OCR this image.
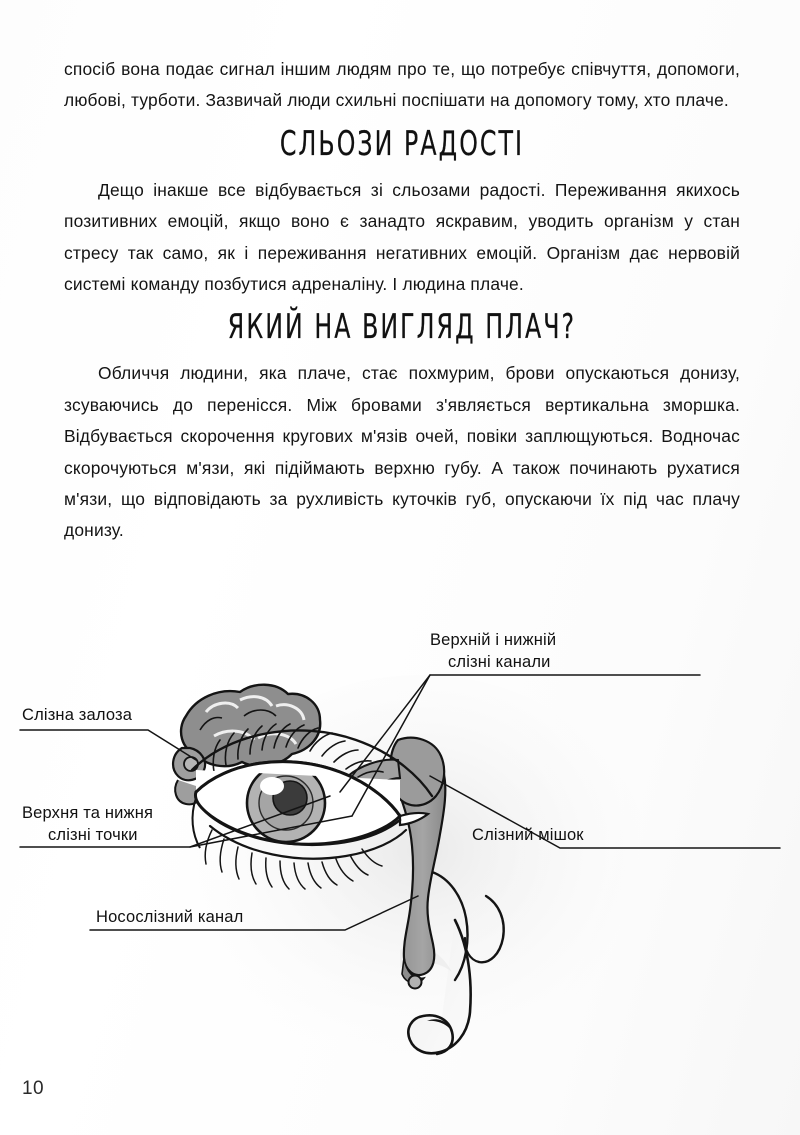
спосіб вона подає сигнал іншим людям про те, що потребує співчуття, допомоги, любові, турботи. Зазвичай люди схильні поспішати на допомогу тому, хто плаче.

СЛЬОЗИ РАДОСТІ

Дещо інакше все відбувається зі сльозами радості. Переживання якихось позитивних емоцій, якщо воно є занадто яскравим, уводить організм у стан стресу так само, як і переживання негативних емоцій. Організм дає нервовій системі команду позбутися адреналіну. І людина плаче.

ЯКИЙ НА ВИГЛЯД ПЛАЧ?

Обличчя людини, яка плаче, стає похмурим, брови опускаються донизу, зсуваючись до перенісся. Між бровами з'являється вертикальна зморшка. Відбувається скорочення кругових м'язів очей, повіки заплющуються. Водночас скорочуються м'язи, які підіймають верхню губу. А також починають рухатися м'язи, що відповідають за рухливість куточків губ, опускаючи їх під час плачу донизу.

Слізна залоза
Верхня та нижня
слізні точки
Верхній і нижній
слізні канали
Слізний мішок
Носослізний канал
10
